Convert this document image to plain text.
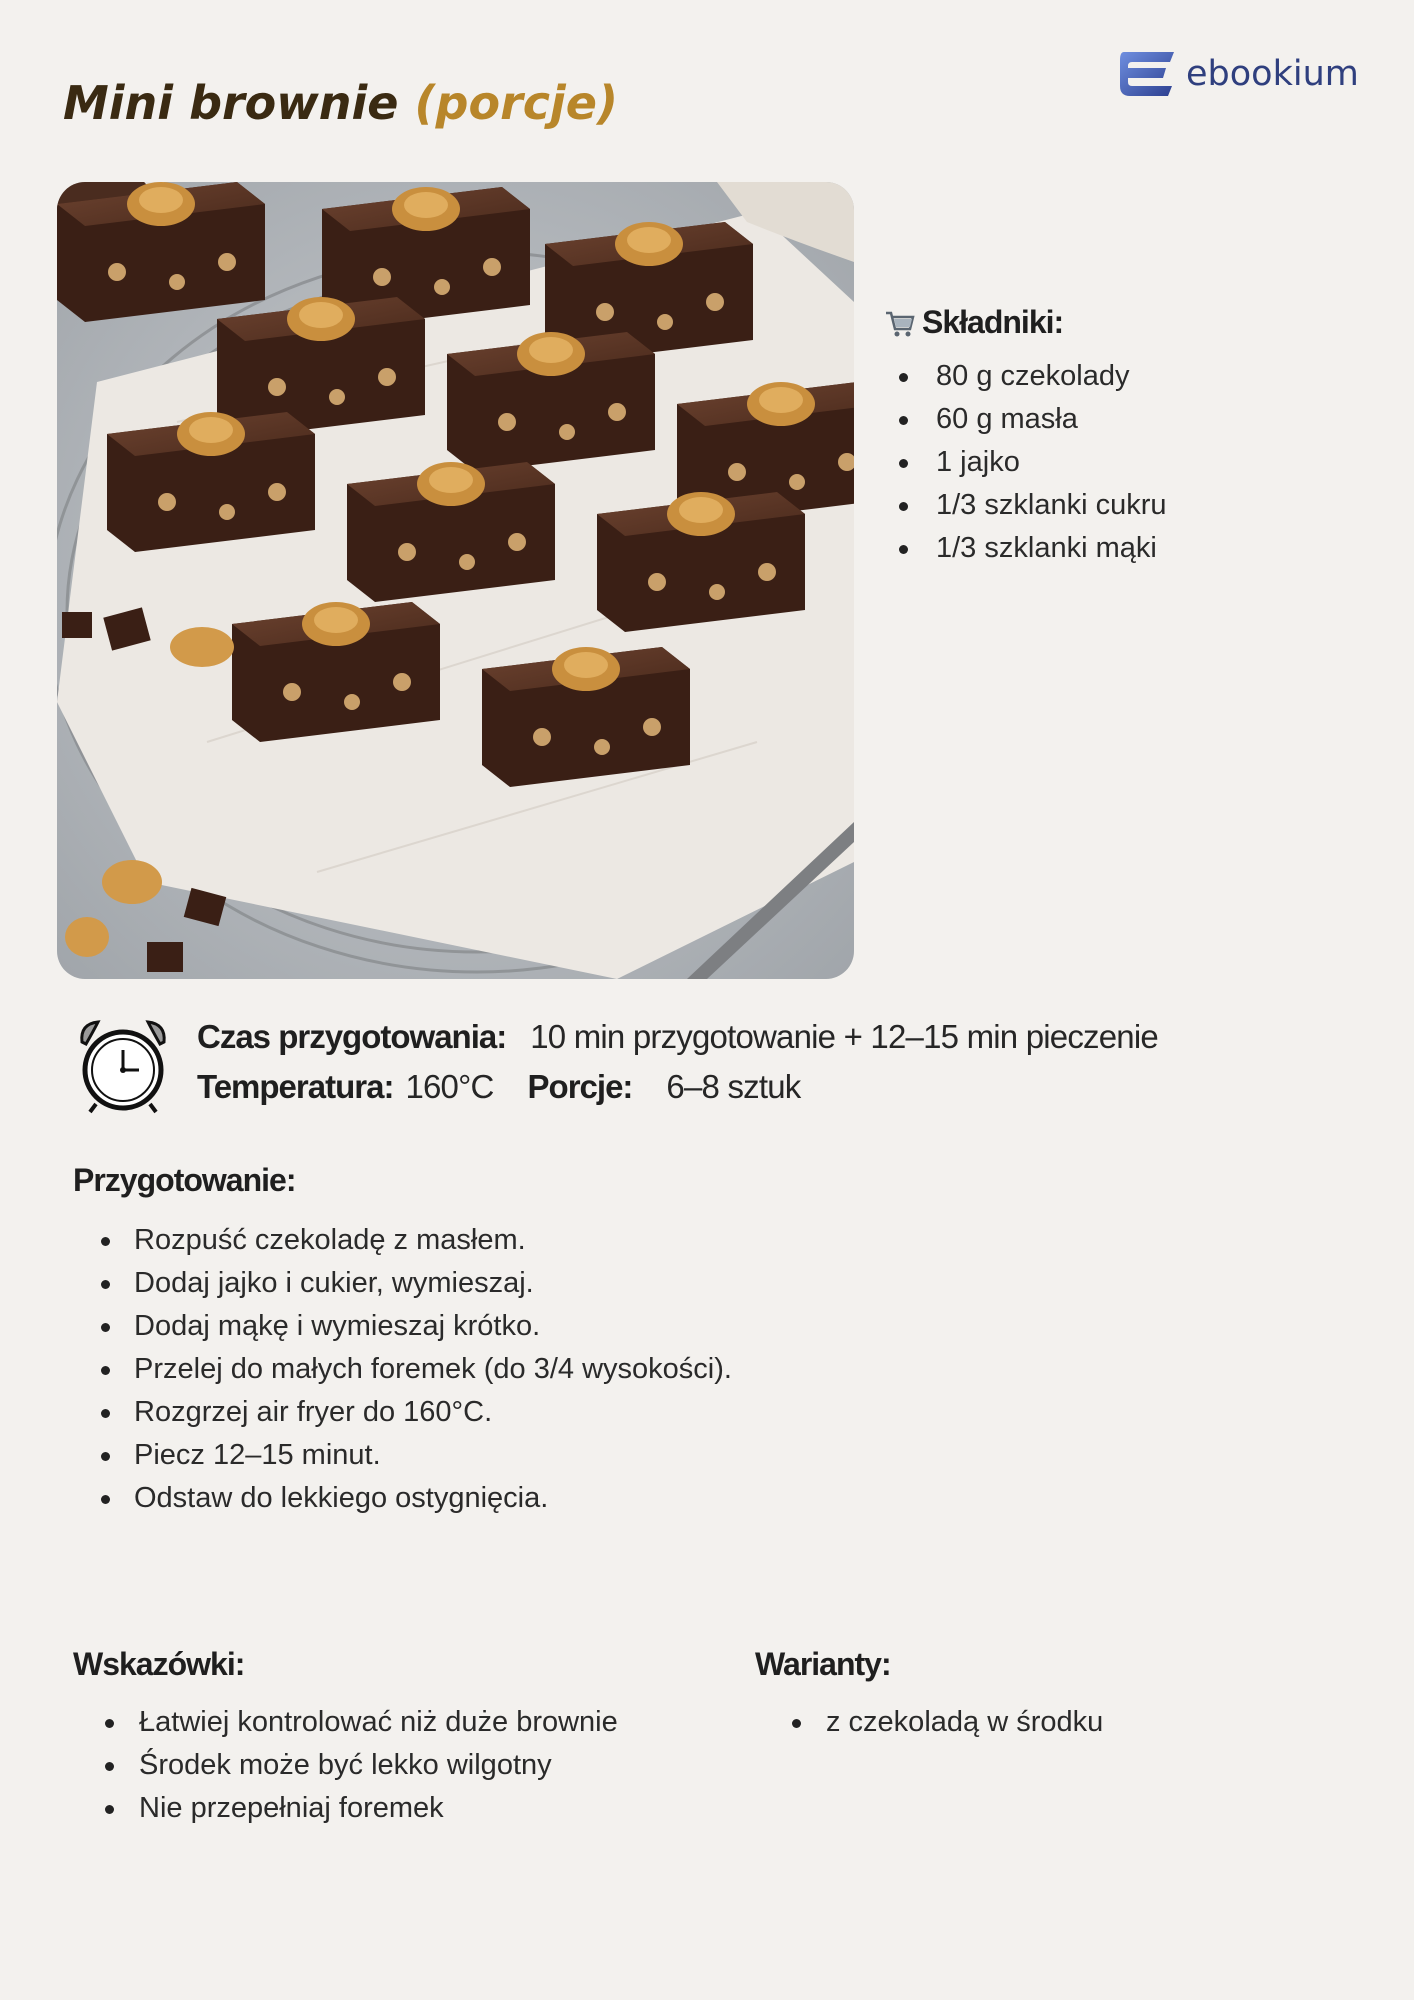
Mini brownie (porcje)
ebookium
Składniki:
80 g czekolady
60 g masła
1 jajko
1/3 szklanki cukru
1/3 szklanki mąki
Czas przygotowania: 10 min przygotowanie + 12–15 min pieczenie
Temperatura: 160°C Porcje: 6–8 sztuk
Przygotowanie:
Rozpuść czekoladę z masłem.
Dodaj jajko i cukier, wymieszaj.
Dodaj mąkę i wymieszaj krótko.
Przelej do małych foremek (do 3/4 wysokości).
Rozgrzej air fryer do 160°C.
Piecz 12–15 minut.
Odstaw do lekkiego ostygnięcia.
Wskazówki:
Łatwiej kontrolować niż duże brownie
Środek może być lekko wilgotny
Nie przepełniaj foremek
Warianty:
z czekoladą w środku
